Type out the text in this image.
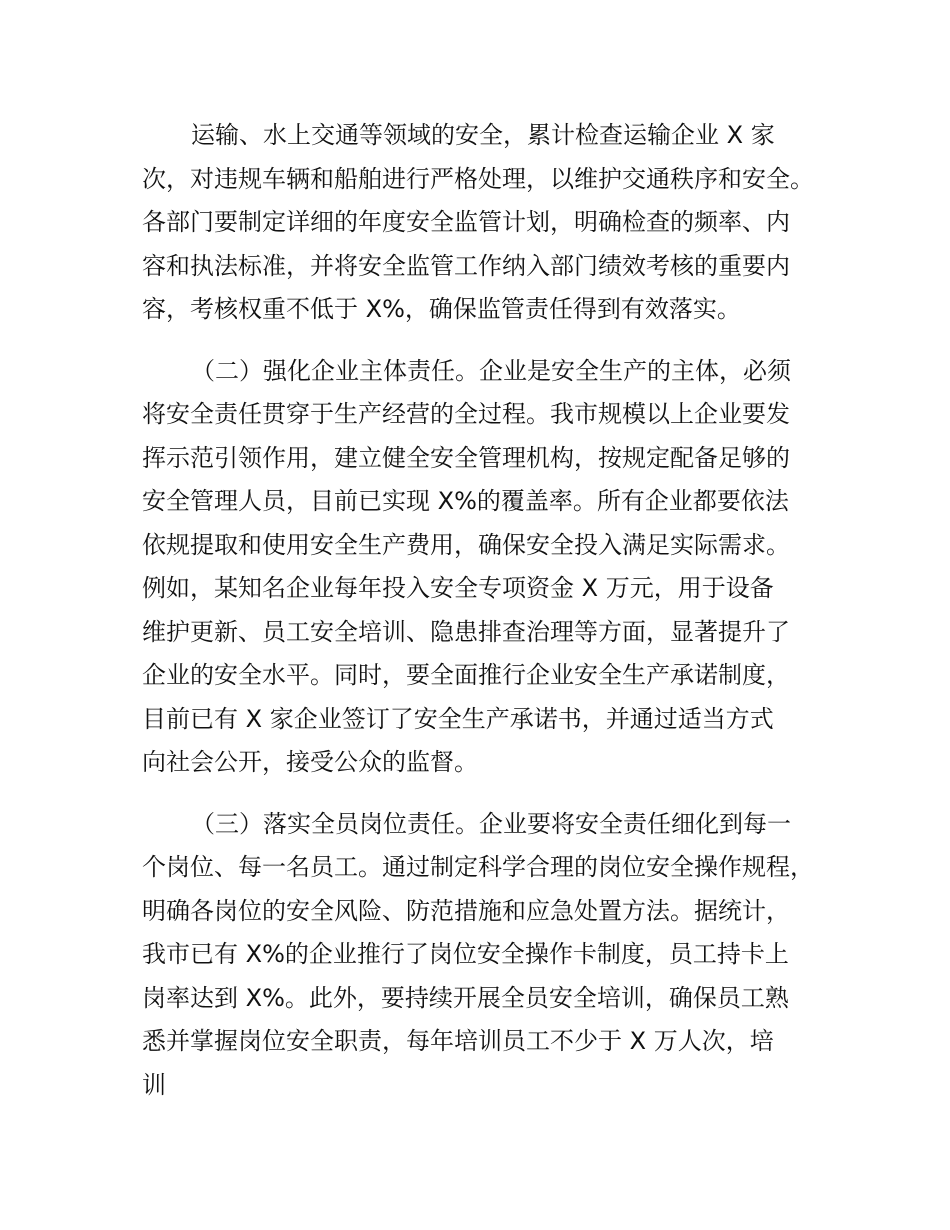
运输、水上交通等领域的安全，累计检查运输企业 X 家
次，对违规车辆和船舶进行严格处理，以维护交通秩序和安全。
各部门要制定详细的年度安全监管计划，明确检查的频率、内
容和执法标准，并将安全监管工作纳入部门绩效考核的重要内
容，考核权重不低于 X%，确保监管责任得到有效落实。
（二）强化企业主体责任。企业是安全生产的主体，必须
将安全责任贯穿于生产经营的全过程。我市规模以上企业要发
挥示范引领作用，建立健全安全管理机构，按规定配备足够的
安全管理人员，目前已实现 X%的覆盖率。所有企业都要依法
依规提取和使用安全生产费用，确保安全投入满足实际需求。
例如，某知名企业每年投入安全专项资金 X 万元，用于设备
维护更新、员工安全培训、隐患排查治理等方面，显著提升了
企业的安全水平。同时，要全面推行企业安全生产承诺制度，
目前已有 X 家企业签订了安全生产承诺书，并通过适当方式
向社会公开，接受公众的监督。
（三）落实全员岗位责任。企业要将安全责任细化到每一
个岗位、每一名员工。通过制定科学合理的岗位安全操作规程，
明确各岗位的安全风险、防范措施和应急处置方法。据统计，
我市已有 X%的企业推行了岗位安全操作卡制度，员工持卡上
岗率达到 X%。此外，要持续开展全员安全培训，确保员工熟
悉并掌握岗位安全职责，每年培训员工不少于 X 万人次，培
训
